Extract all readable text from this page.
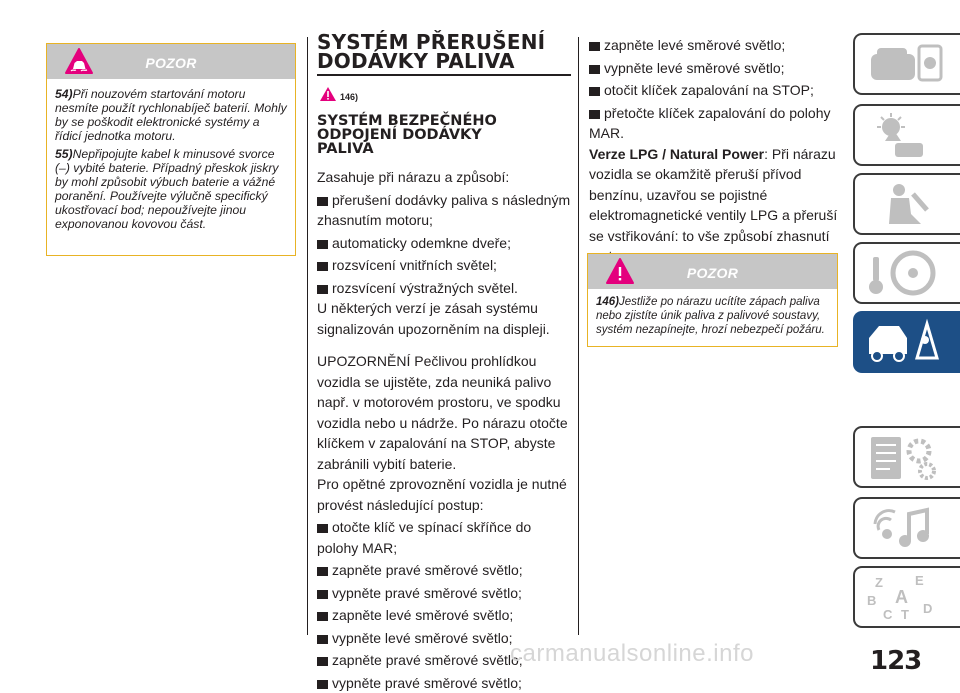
POZOR

54)Při nouzovém startování motoru nesmíte použít rychlonabíječ baterií. Mohly by se poškodit elektronické systémy a řídicí jednotka motoru.

55)Nepřipojujte kabel k minusové svorce (–) vybité baterie. Případný přeskok jiskry by mohl způsobit výbuch baterie a vážné poranění. Používejte výlučně specifický ukostřovací bod; nepoužívejte jinou exponovanou kovovou část.

SYSTÉM PŘERUŠENÍ
DODÁVKY PALIVA
146)
SYSTÉM BEZPEČNÉHO
ODPOJENÍ DODÁVKY
PALIVA
Zasahuje při nárazu a způsobí:
přerušení dodávky paliva s následným zhasnutím motoru;
automaticky odemkne dveře;
rozsvícení vnitřních světel;
rozsvícení výstražných světel.
U některých verzí je zásah systému signalizován upozorněním na displeji.
UPOZORNĚNÍ Pečlivou prohlídkou vozidla se ujistěte, zda neuniká palivo např. v motorovém prostoru, ve spodku vozidla nebo u nádrže. Po nárazu otočte klíčkem v zapalování na STOP, abyste zabránili vybití baterie.
Pro opětné zprovoznění vozidla je nutné provést následující postup:
otočte klíč ve spínací skříňce do polohy MAR;
zapněte pravé směrové světlo;
vypněte pravé směrové světlo;
zapněte levé směrové světlo;
vypněte levé směrové světlo;
zapněte pravé směrové světlo;
vypněte pravé směrové světlo;
zapněte levé směrové světlo;
vypněte levé směrové světlo;
otočit klíček zapalování na STOP;
přetočte klíček zapalování do polohy MAR.
Verze LPG / Natural Power: Při nárazu vozidla se okamžitě přeruší přívod benzínu, uzavřou se pojistné elektromagnetické ventily LPG a přeruší se vstřikování: to vše způsobí zhasnutí
POZOR

146)Jestliže po nárazu ucítíte zápach paliva nebo zjistíte únik paliva z palivové soustavy, systém nezapínejte, hrozí nebezpečí požáru.

Z E
B A
C T D
carmanualsonline.info	123
